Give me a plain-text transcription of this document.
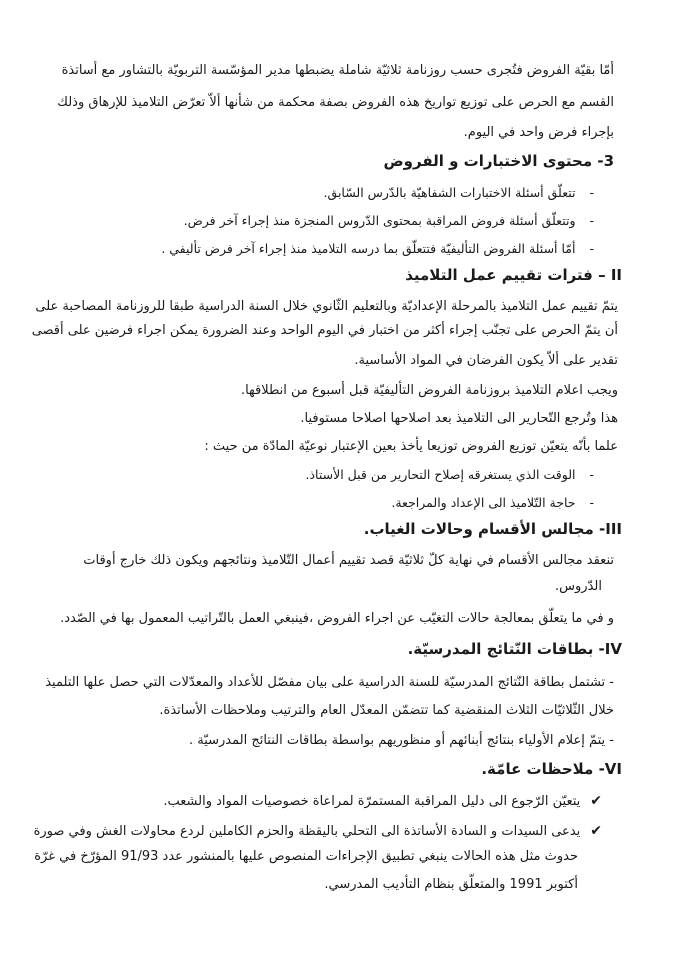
أمّا بقيّة الفروض فتُجرى حسب روزنامة ثلاثيّة شاملة يضبطها مدير المؤسّسة التربويّة بالتشاور مع أساتذة
القسم مع الحرص على توزيع تواريخ هذه الفروض بصفة محكمة من شأنها ألاّ تعرّض التلاميذ للإرهاق وذلك
بإجراء فرض واحد في اليوم.
3- محتوى الاختبارات و الفروض
- تتعلّق أسئلة الاختبارات الشفاهيّة بالدّرس السّابق.
- وتتعلّق أسئلة فروض المراقبة بمحتوى الدّروس المنجزة منذ إجراء آخر فرض.
- أمّا أسئلة الفروض التأليفيّة فتتعلّق بما درسه التلاميذ منذ إجراء آخر فرض تأليفي .
II – فترات تقييم عمل التلاميذ
يتمّ تقييم عمل التلاميذ بالمرحلة الإعداديّة وبالتعليم الثّانوي خلال السنة الدراسية طبقا للروزنامة المصاحبة على
أن يتمّ الحرص على تجنّب إجراء أكثر من اختبار في اليوم الواحد وعند الضرورة يمكن اجراء فرضين على أقصى
تقدير على ألاّ يكون الفرضان في المواد الأساسية.
ويجب اعلام التلاميذ بروزنامة الفروض التأليفيّة قبل أسبوع من انطلاقها.
هذا وتُرجع التّحارير الى التلاميذ بعد اصلاحها اصلاحا مستوفيا.
علما بأنّه يتعيّن توزيع الفروض توزيعا يأخذ بعين الإعتبار نوعيّة المادّة من حيث :
- الوقت الذي يستغرقه إصلاح التحارير من قبل الأستاذ.
- حاجة التّلاميذ الى الإعداد والمراجعة.
III- مجالس الأقسام وحالات الغياب.
تنعقد مجالس الأقسام في نهاية كلّ ثلاثيّة قصد تقييم أعمال التّلاميذ ونتائجهم ويكون ذلك خارج أوقات
الدّروس.
و في ما يتعلّق بمعالجة حالات التغيّب عن اجراء الفروض ،فينبغي العمل بالتّراتيب المعمول بها في الصّدد.
IV- بطاقات النّتائج المدرسيّة.
- تشتمل بطاقة النّتائج المدرسيّة للسنة الدراسية على بيان مفصّل للأعداد والمعدّلات التي حصل علها التلميذ
خلال الثّلاثيّات الثلاث المنقضية كما تتضمّن المعدّل العام والترتيب وملاحظات الأساتذة.
- يتمّ إعلام الأولياء بنتائج أبنائهم أو منظوريهم بواسطة بطاقات النتائج المدرسيّة .
VI- ملاحظات عامّة.
✔يتعيّن الرّجوع الى دليل المراقبة المستمرّة لمراعاة خصوصيات المواد والشعب.
✔يدعى السيدات و السادة الأساتذة الى التحلي باليقظة والحزم الكاملين لردع محاولات الغش وفي صورة
حدوث مثل هذه الحالات ينبغي تطبيق الإجراءات المنصوص عليها بالمنشور عدد 91/93 المؤرّخ في غرّة
أكتوبر 1991 والمتعلّق بنظام التأديب المدرسي.
